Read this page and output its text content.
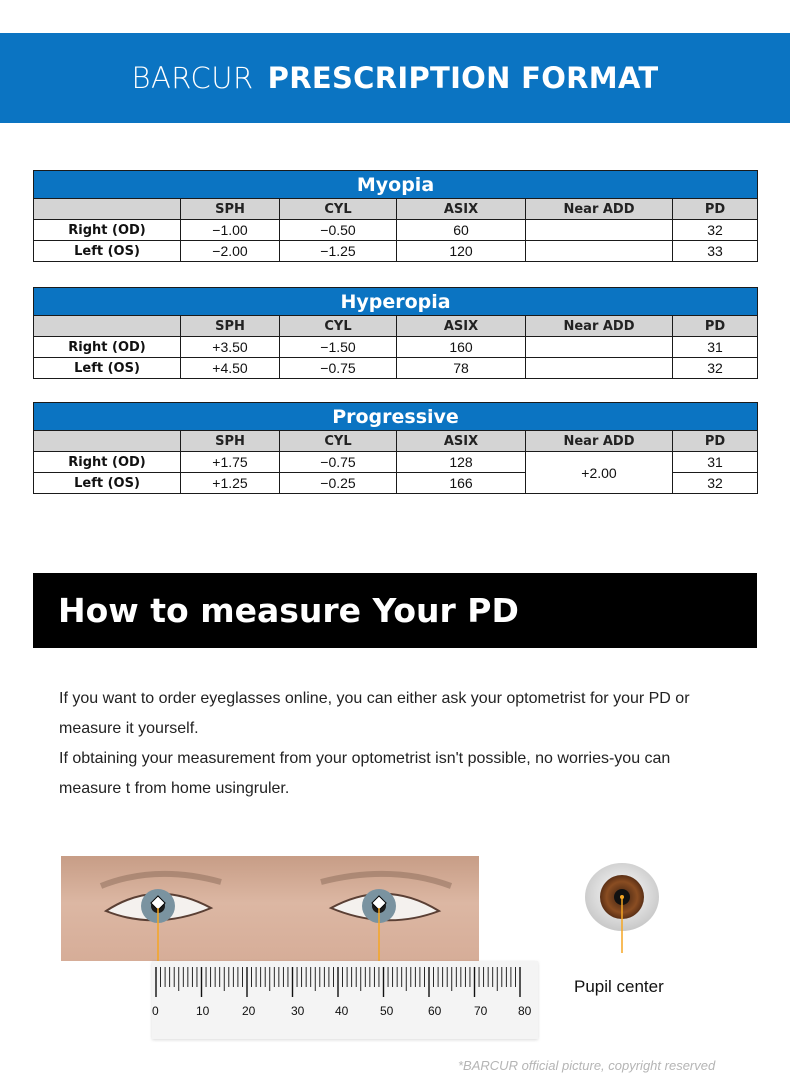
BARCUR PRESCRIPTION FORMAT
Myopia					
	SPH	CYL	ASIX	Near ADD	PD
Right (OD)	−1.00	−0.50	60		32
Left (OS)	−2.00	−1.25	120		33
Hyperopia					
	SPH	CYL	ASIX	Near ADD	PD
Right (OD)	+3.50	−1.50	160		31
Left (OS)	+4.50	−0.75	78		32
Progressive					
	SPH	CYL	ASIX	Near ADD	PD
Right (OD)	+1.75	−0.75	128	+2.00	31
Left (OS)	+1.25	−0.25	166		32
How to measure Your PD

If you want to order eyeglasses online, you can either ask your optometrist for your PD or
measure it yourself.

If obtaining your measurement from your optometrist isn't possible, no worries-you can
measure t from home usingruler.

0	10	20	30	40	50	60	70	80
Pupil center
*BARCUR official picture, copyright reserved
